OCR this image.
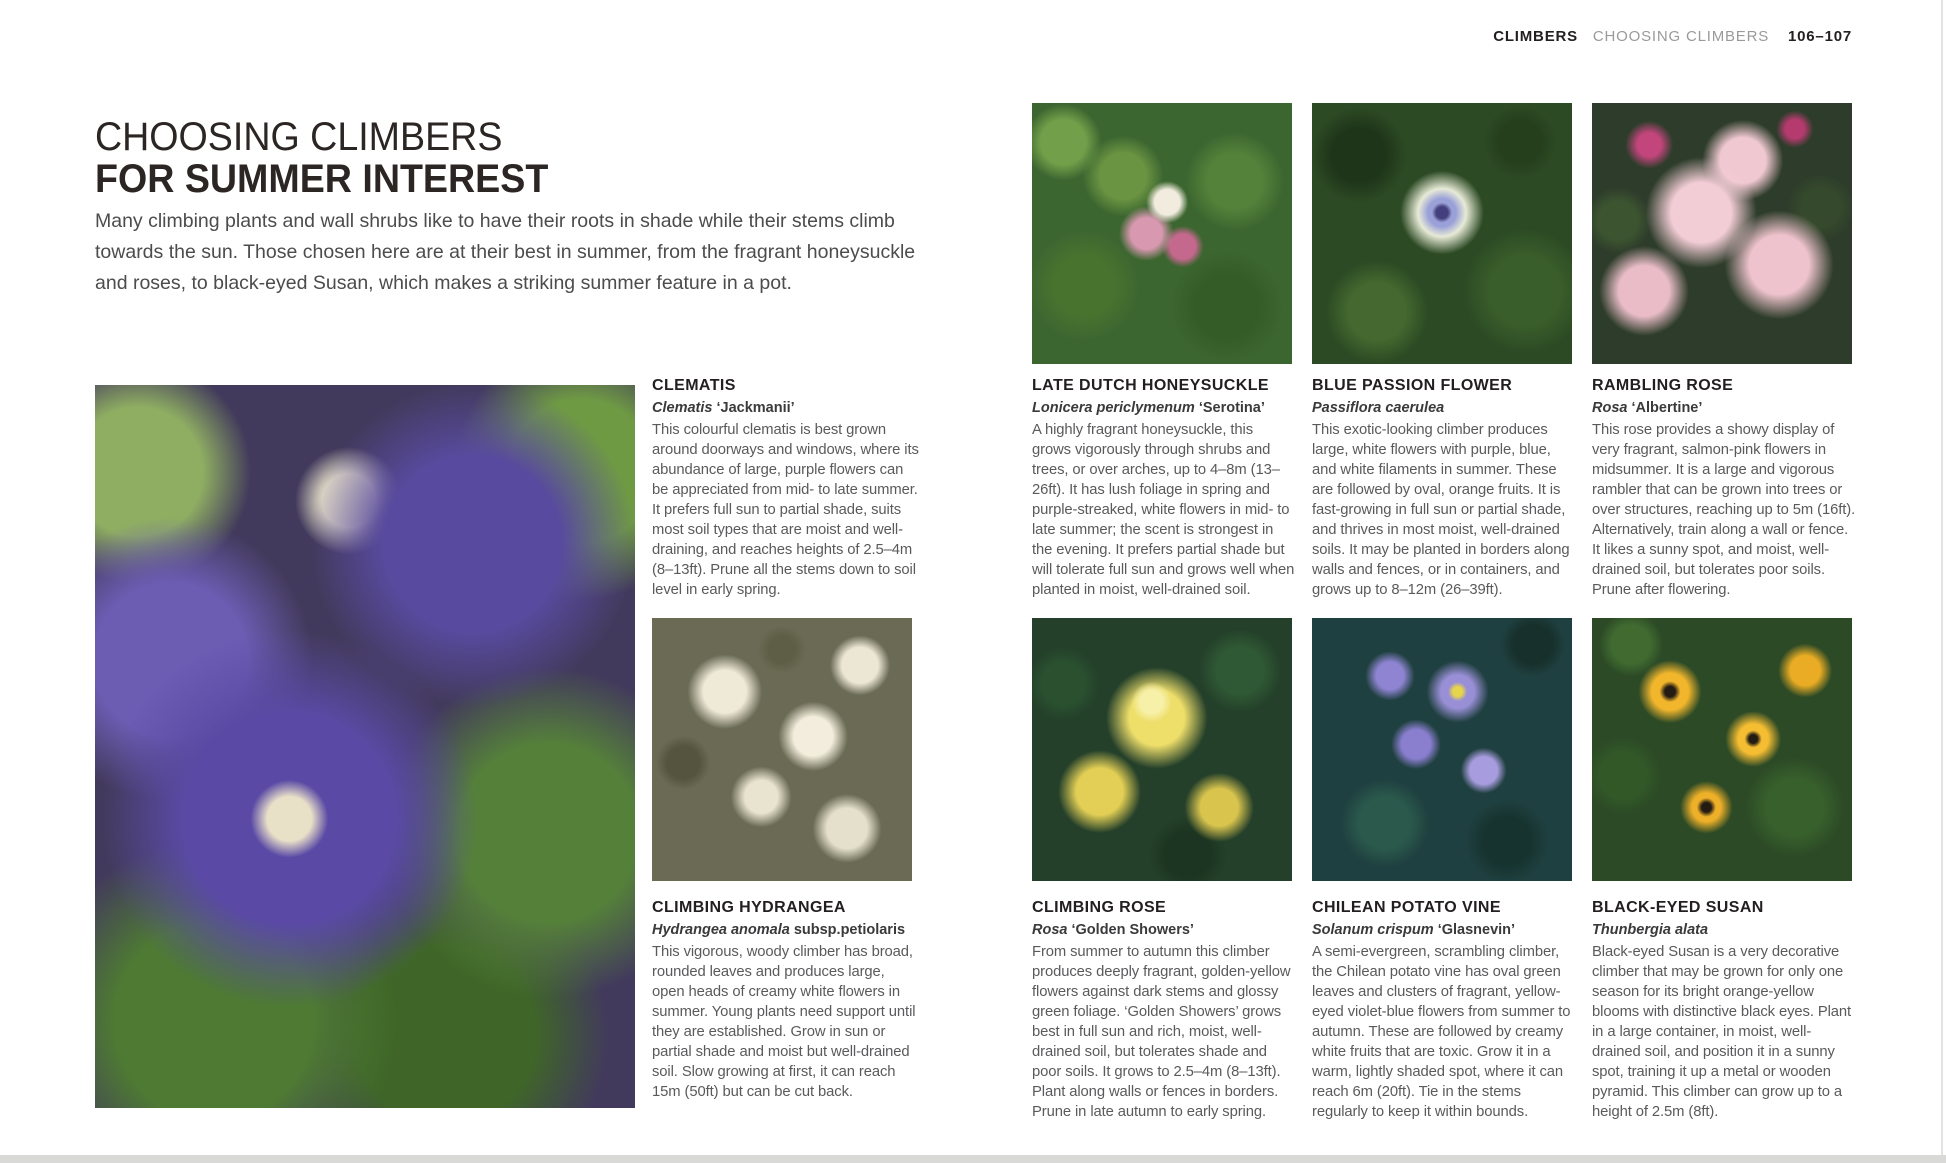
CLIMBERS CHOOSING CLIMBERS 106–107
CHOOSING CLIMBERS
FOR SUMMER INTEREST

Many climbing plants and wall shrubs like to have their roots in shade while their stems climb towards the sun. Those chosen here are at their best in summer, from the fragrant honeysuckle and roses, to black-eyed Susan, which makes a striking summer feature in a pot.

CLEMATIS

Clematis ‘Jackmanii’

This colourful clematis is best grown around doorways and windows, where its abundance of large, purple flowers can be appreciated from mid- to late summer. It prefers full sun to partial shade, suits most soil types that are moist and well-draining, and reaches heights of 2.5–4m (8–13ft). Prune all the stems down to soil level in early spring.

LATE DUTCH HONEYSUCKLE

Lonicera periclymenum ‘Serotina’

A highly fragrant honeysuckle, this grows vigorously through shrubs and trees, or over arches, up to 4–8m (13–26ft). It has lush foliage in spring and purple-streaked, white flowers in mid- to late summer; the scent is strongest in the evening. It prefers partial shade but will tolerate full sun and grows well when planted in moist, well-drained soil.

BLUE PASSION FLOWER

Passiflora caerulea

This exotic-looking climber produces large, white flowers with purple, blue, and white filaments in summer. These are followed by oval, orange fruits. It is fast-growing in full sun or partial shade, and thrives in most moist, well-drained soils. It may be planted in borders along walls and fences, or in containers, and grows up to 8–12m (26–39ft).

RAMBLING ROSE

Rosa ‘Albertine’

This rose provides a showy display of very fragrant, salmon-pink flowers in midsummer. It is a large and vigorous rambler that can be grown into trees or over structures, reaching up to 5m (16ft). Alternatively, train along a wall or fence. It likes a sunny spot, and moist, well-drained soil, but tolerates poor soils. Prune after flowering.

CLIMBING HYDRANGEA

Hydrangea anomala subsp.petiolaris

This vigorous, woody climber has broad, rounded leaves and produces large, open heads of creamy white flowers in summer. Young plants need support until they are established. Grow in sun or partial shade and moist but well-drained soil. Slow growing at first, it can reach 15m (50ft) but can be cut back.

CLIMBING ROSE

Rosa ‘Golden Showers’

From summer to autumn this climber produces deeply fragrant, golden-yellow flowers against dark stems and glossy green foliage. ‘Golden Showers’ grows best in full sun and rich, moist, well-drained soil, but tolerates shade and poor soils. It grows to 2.5–4m (8–13ft). Plant along walls or fences in borders. Prune in late autumn to early spring.

CHILEAN POTATO VINE

Solanum crispum ‘Glasnevin’

A semi-evergreen, scrambling climber, the Chilean potato vine has oval green leaves and clusters of fragrant, yellow-eyed violet-blue flowers from summer to autumn. These are followed by creamy white fruits that are toxic. Grow it in a warm, lightly shaded spot, where it can reach 6m (20ft). Tie in the stems regularly to keep it within bounds.

BLACK-EYED SUSAN

Thunbergia alata

Black-eyed Susan is a very decorative climber that may be grown for only one season for its bright orange-yellow blooms with distinctive black eyes. Plant in a large container, in moist, well-drained soil, and position it in a sunny spot, training it up a metal or wooden pyramid. This climber can grow up to a height of 2.5m (8ft).
